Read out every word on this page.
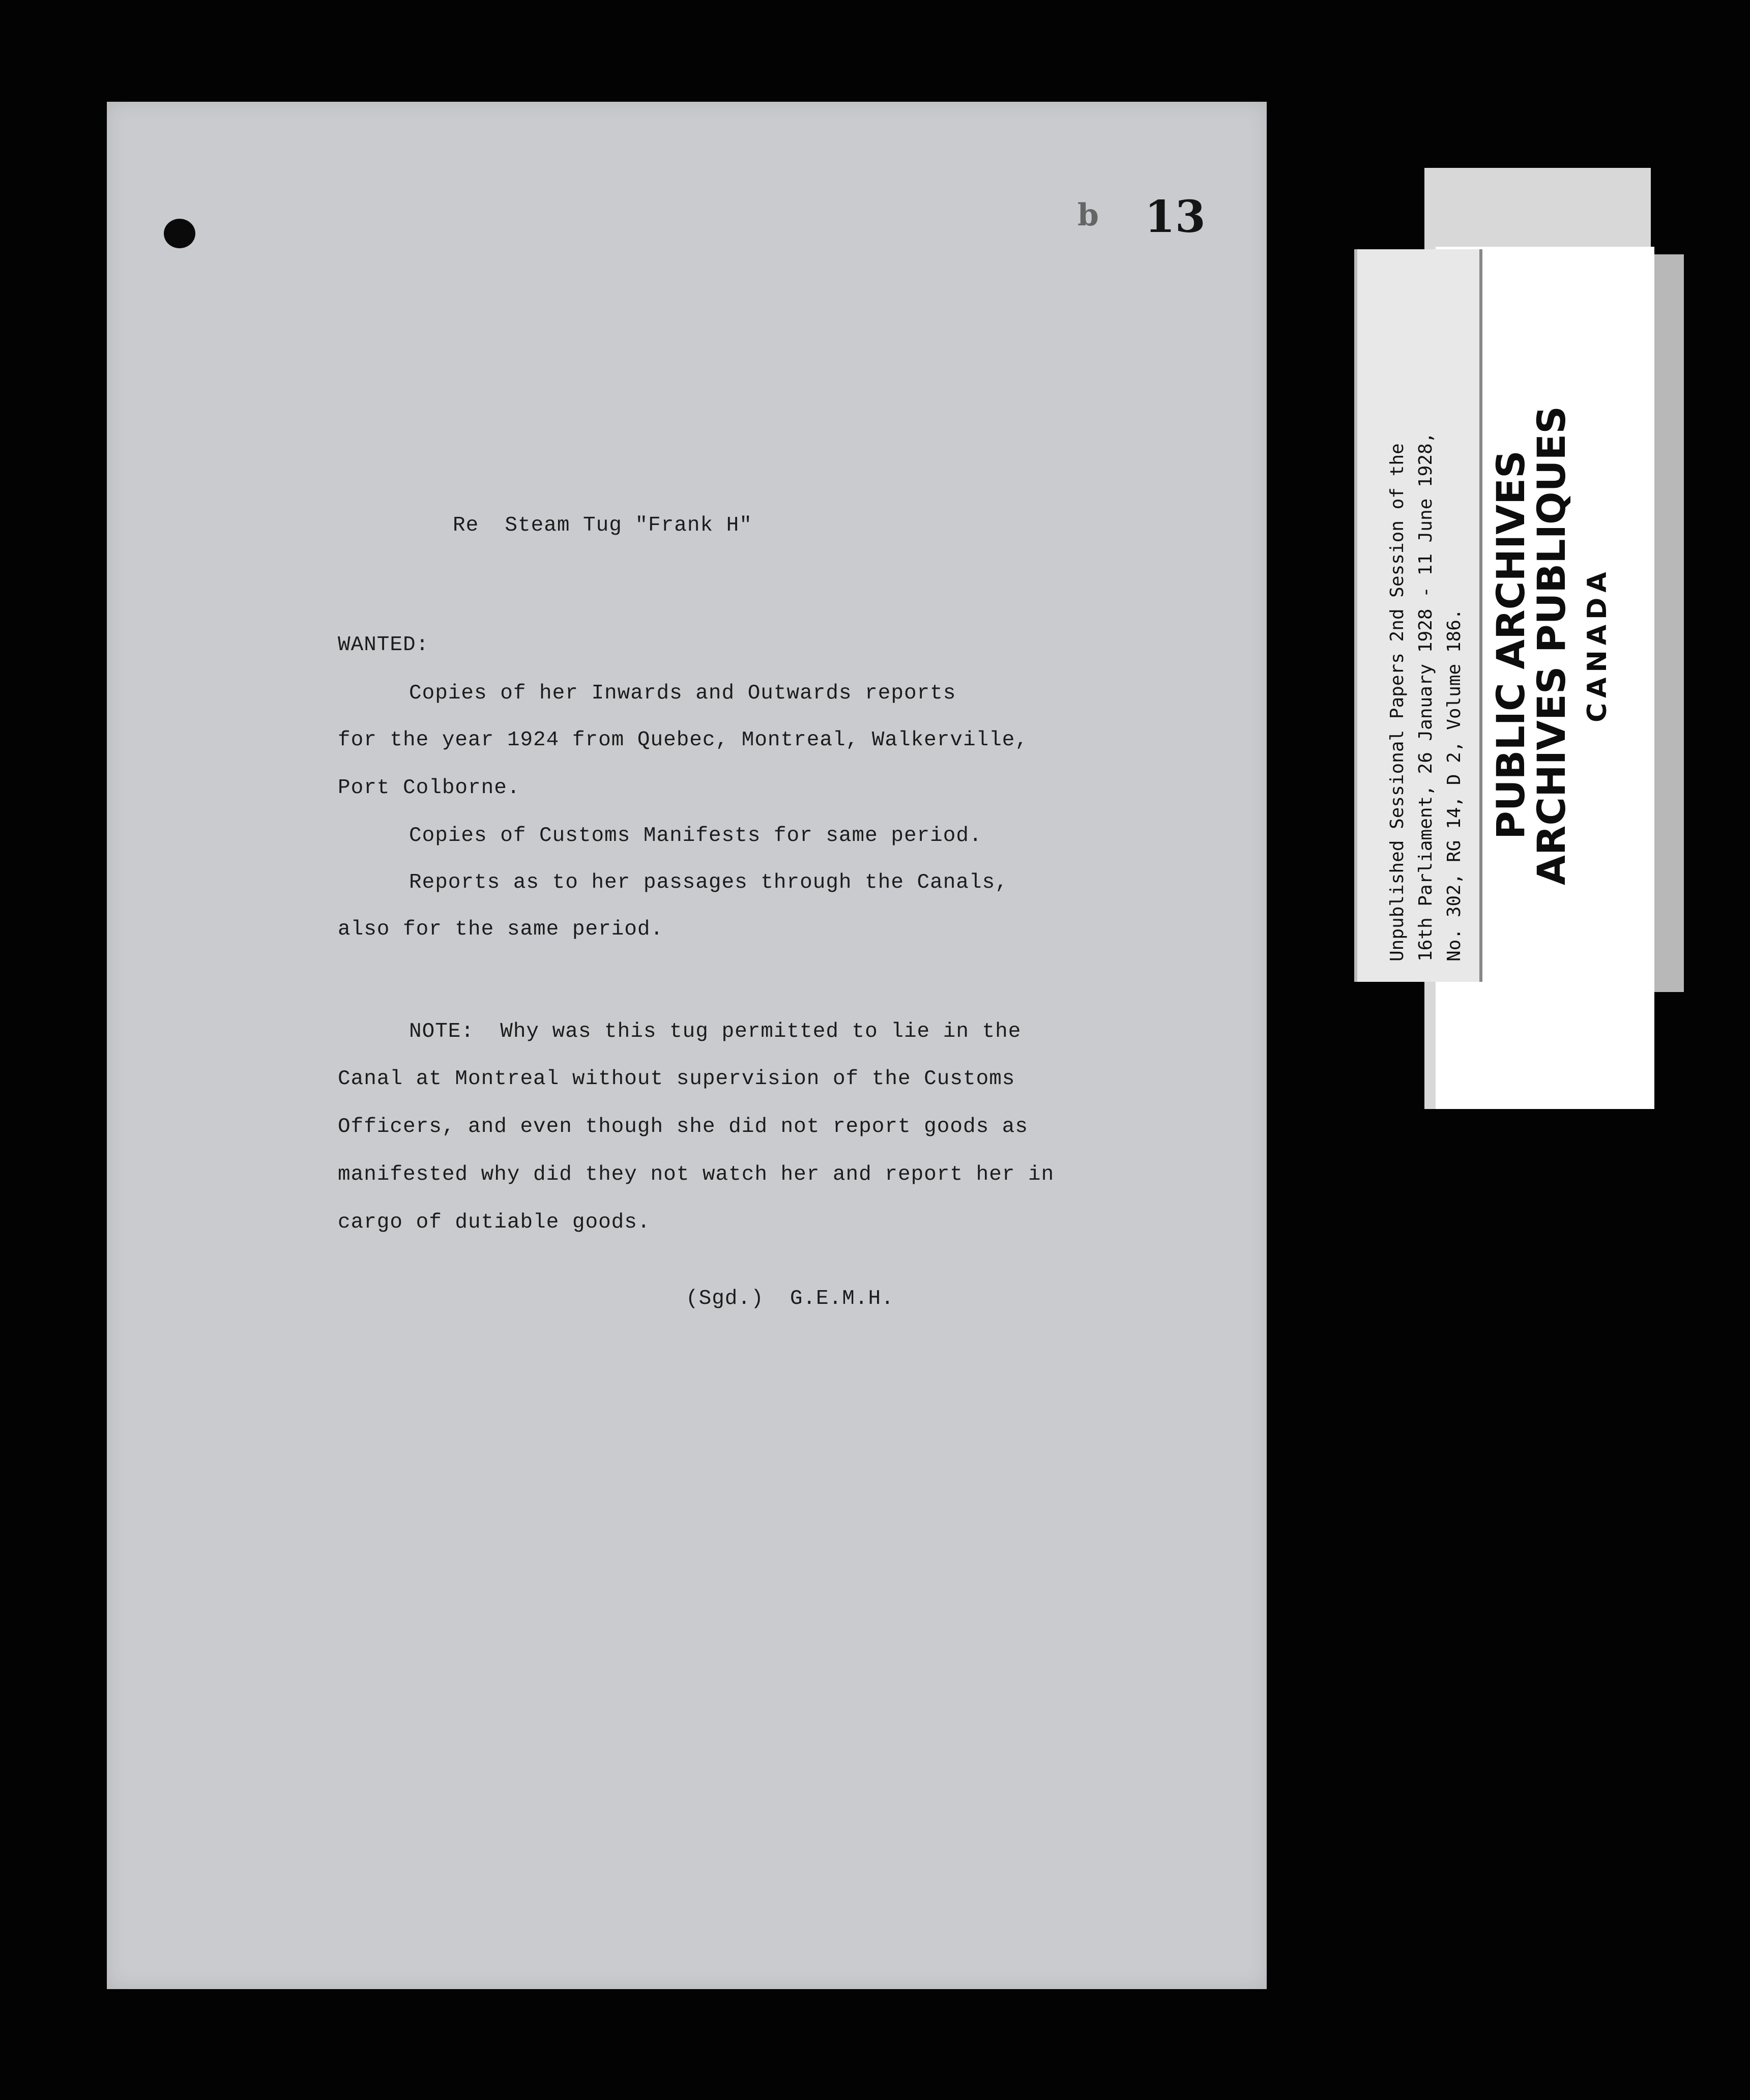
b 13
Re  Steam Tug "Frank H"
WANTED:
Copies of her Inwards and Outwards reports
for the year 1924 from Quebec, Montreal, Walkerville,
Port Colborne.
Copies of Customs Manifests for same period.
Reports as to her passages through the Canals,
also for the same period.
NOTE:  Why was this tug permitted to lie in the
Canal at Montreal without supervision of the Customs
Officers, and even though she did not report goods as
manifested why did they not watch her and report her in
cargo of dutiable goods.
(Sgd.)  G.E.M.H.
Unpublished Sessional Papers 2nd Session of the 16th Parliament, 26 January 1928 - 11 June 1928, No. 302, RG 14, D 2, Volume 186. PUBLIC ARCHIVES
ARCHIVES PUBLIQUES CANADA
